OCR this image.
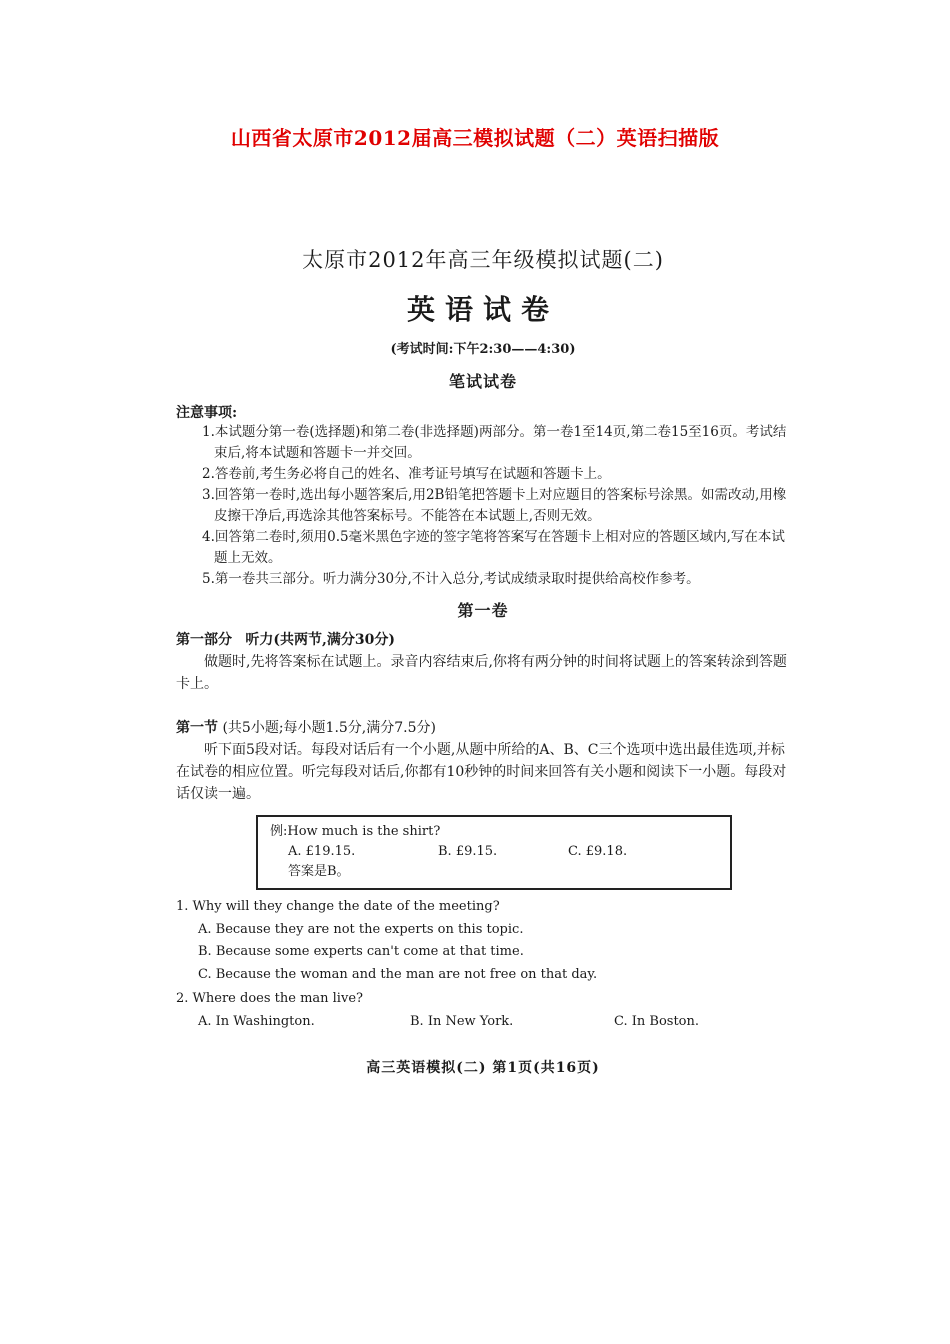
山西省太原市2012届高三模拟试题（二）英语扫描版
太原市2012年高三年级模拟试题(二)
英语试卷
(考试时间:下午2:30——4:30)
笔试试卷
注意事项:
1.本试题分第一卷(选择题)和第二卷(非选择题)两部分。第一卷1至14页,第二卷15至16页。考试结束后,将本试题和答题卡一并交回。
2.答卷前,考生务必将自己的姓名、准考证号填写在试题和答题卡上。
3.回答第一卷时,选出每小题答案后,用2B铅笔把答题卡上对应题目的答案标号涂黑。如需改动,用橡皮擦干净后,再选涂其他答案标号。不能答在本试题上,否则无效。
4.回答第二卷时,须用0.5毫米黑色字迹的签字笔将答案写在答题卡上相对应的答题区域内,写在本试题上无效。
5.第一卷共三部分。听力满分30分,不计入总分,考试成绩录取时提供给高校作参考。
第一卷
第一部分 听力(共两节,满分30分)
做题时,先将答案标在试题上。录音内容结束后,你将有两分钟的时间将试题上的答案转涂到答题卡上。
第一节 (共5小题;每小题1.5分,满分7.5分)
听下面5段对话。每段对话后有一个小题,从题中所给的A、B、C三个选项中选出最佳选项,并标在试卷的相应位置。听完每段对话后,你都有10秒钟的时间来回答有关小题和阅读下一小题。每段对话仅读一遍。
例:How much is the shirt?
A. £19.15.	B. £9.15.	C. £9.18.
答案是B。
1. Why will they change the date of the meeting?
A. Because they are not the experts on this topic.
B. Because some experts can't come at that time.
C. Because the woman and the man are not free on that day.
2. Where does the man live?
A. In Washington.	B. In New York.	C. In Boston.
高三英语模拟(二) 第1页(共16页)
